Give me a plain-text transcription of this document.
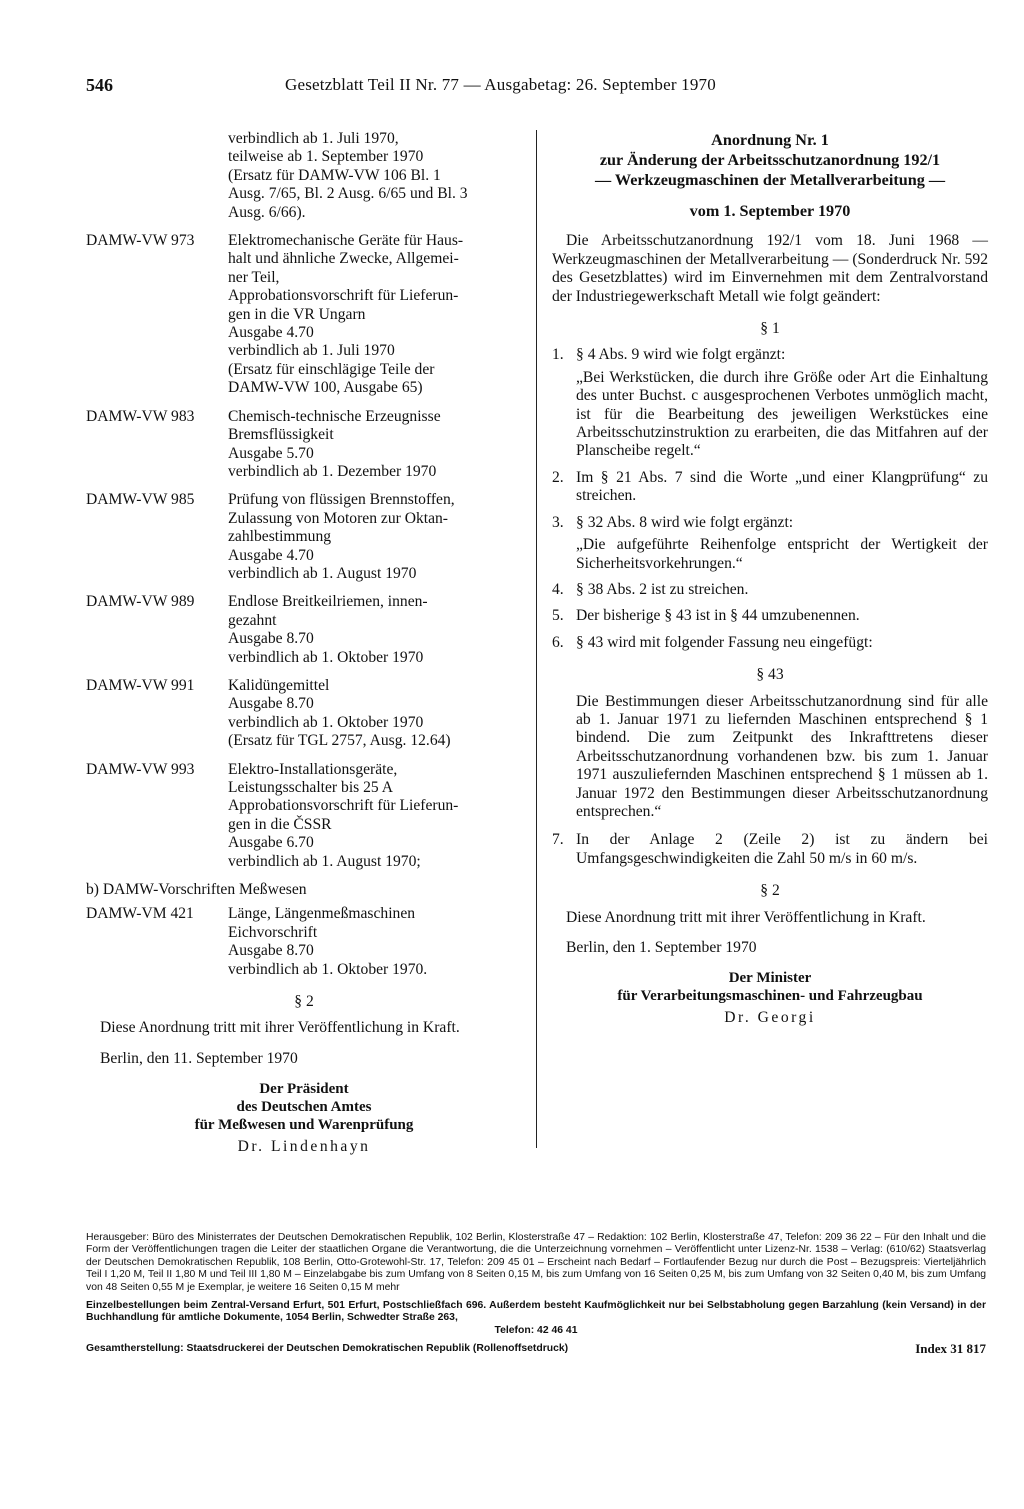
546	Gesetzblatt Teil II Nr. 77 — Ausgabetag: 26. September 1970
verbindlich ab 1. Juli 1970,
teilweise ab 1. September 1970
(Ersatz für DAMW-VW 106 Bl. 1
Ausg. 7/65, Bl. 2 Ausg. 6/65 und Bl. 3
Ausg. 6/66).
DAMW-VW 973	Elektromechanische Geräte für Haus-
halt und ähnliche Zwecke, Allgemei-
ner Teil,
Approbationsvorschrift für Lieferun-
gen in die VR Ungarn
Ausgabe 4.70
verbindlich ab 1. Juli 1970
(Ersatz für einschlägige Teile der
DAMW-VW 100, Ausgabe 65)
DAMW-VW 983	Chemisch-technische Erzeugnisse
Bremsflüssigkeit
Ausgabe 5.70
verbindlich ab 1. Dezember 1970
DAMW-VW 985	Prüfung von flüssigen Brennstoffen,
Zulassung von Motoren zur Oktan-
zahlbestimmung
Ausgabe 4.70
verbindlich ab 1. August 1970
DAMW-VW 989	Endlose Breitkeilriemen, innen-
gezahnt
Ausgabe 8.70
verbindlich ab 1. Oktober 1970
DAMW-VW 991	Kalidüngemittel
Ausgabe 8.70
verbindlich ab 1. Oktober 1970
(Ersatz für TGL 2757, Ausg. 12.64)
DAMW-VW 993	Elektro-Installationsgeräte,
Leistungsschalter bis 25 A
Approbationsvorschrift für Lieferun-
gen in die ČSSR
Ausgabe 6.70
verbindlich ab 1. August 1970;
b) DAMW-Vorschriften Meßwesen
DAMW-VM 421	Länge, Längenmeßmaschinen
Eichvorschrift
Ausgabe 8.70
verbindlich ab 1. Oktober 1970.
§ 2

Diese Anordnung tritt mit ihrer Veröffentlichung in Kraft.

Berlin, den 11. September 1970
Der Präsident
des Deutschen Amtes
für Meßwesen und Warenprüfung
Dr. Lindenhayn
Anordnung Nr. 1
zur Änderung der Arbeitsschutzanordnung 192/1
— Werkzeugmaschinen der Metallverarbeitung —
vom 1. September 1970

Die Arbeitsschutzanordnung 192/1 vom 18. Juni 1968 — Werkzeugmaschinen der Metallverarbeitung — (Sonderdruck Nr. 592 des Gesetzblattes) wird im Einvernehmen mit dem Zentralvorstand der Industriegewerkschaft Metall wie folgt geändert:

§ 1
1. § 4 Abs. 9 wird wie folgt ergänzt:
„Bei Werkstücken, die durch ihre Größe oder Art die Einhaltung des unter Buchst. c ausgesprochenen Verbotes unmöglich macht, ist für die Bearbeitung des jeweiligen Werkstückes eine Arbeitsschutzinstruktion zu erarbeiten, die das Mitfahren auf der Planscheibe regelt.“
2. Im § 21 Abs. 7 sind die Worte „und einer Klangprüfung“ zu streichen.
3. § 32 Abs. 8 wird wie folgt ergänzt:
„Die aufgeführte Reihenfolge entspricht der Wertigkeit der Sicherheitsvorkehrungen.“
4. § 38 Abs. 2 ist zu streichen.
5. Der bisherige § 43 ist in § 44 umzubenennen.
6. § 43 wird mit folgender Fassung neu eingefügt:
§ 43
Die Bestimmungen dieser Arbeitsschutzanordnung sind für alle ab 1. Januar 1971 zu liefernden Maschinen entsprechend § 1 bindend. Die zum Zeitpunkt des Inkrafttretens dieser Arbeitsschutzanordnung vorhandenen bzw. bis zum 1. Januar 1971 auszuliefernden Maschinen entsprechend § 1 müssen ab 1. Januar 1972 den Bestimmungen dieser Arbeitsschutzanordnung entsprechen.“
7. In der Anlage 2 (Zeile 2) ist zu ändern bei Umfangsgeschwindigkeiten die Zahl 50 m/s in 60 m/s.
§ 2

Diese Anordnung tritt mit ihrer Veröffentlichung in Kraft.

Berlin, den 1. September 1970
Der Minister
für Verarbeitungsmaschinen- und Fahrzeugbau
Dr. Georgi
Herausgeber: Büro des Ministerrates der Deutschen Demokratischen Republik, 102 Berlin, Klosterstraße 47 – Redaktion: 102 Berlin, Klosterstraße 47, Telefon: 209 36 22 – Für den Inhalt und die Form der Veröffentlichungen tragen die Leiter der staatlichen Organe die Verantwortung, die die Unterzeichnung vornehmen – Veröffentlicht unter Lizenz-Nr. 1538 – Verlag: (610/62) Staatsverlag der Deutschen Demokratischen Republik, 108 Berlin, Otto-Grotewohl-Str. 17, Telefon: 209 45 01 – Erscheint nach Bedarf – Fortlaufender Bezug nur durch die Post – Bezugspreis: Vierteljährlich Teil I 1,20 M, Teil II 1,80 M und Teil III 1,80 M – Einzelabgabe bis zum Umfang von 8 Seiten 0,15 M, bis zum Umfang von 16 Seiten 0,25 M, bis zum Umfang von 32 Seiten 0,40 M, bis zum Umfang von 48 Seiten 0,55 M je Exemplar, je weitere 16 Seiten 0,15 M mehr
Einzelbestellungen beim Zentral-Versand Erfurt, 501 Erfurt, Postschließfach 696. Außerdem besteht Kaufmöglichkeit nur bei Selbstabholung gegen Barzahlung (kein Versand) in der Buchhandlung für amtliche Dokumente, 1054 Berlin, Schwedter Straße 263,
Telefon: 42 46 41
Gesamtherstellung: Staatsdruckerei der Deutschen Demokratischen Republik (Rollenoffsetdruck)	Index 31 817
